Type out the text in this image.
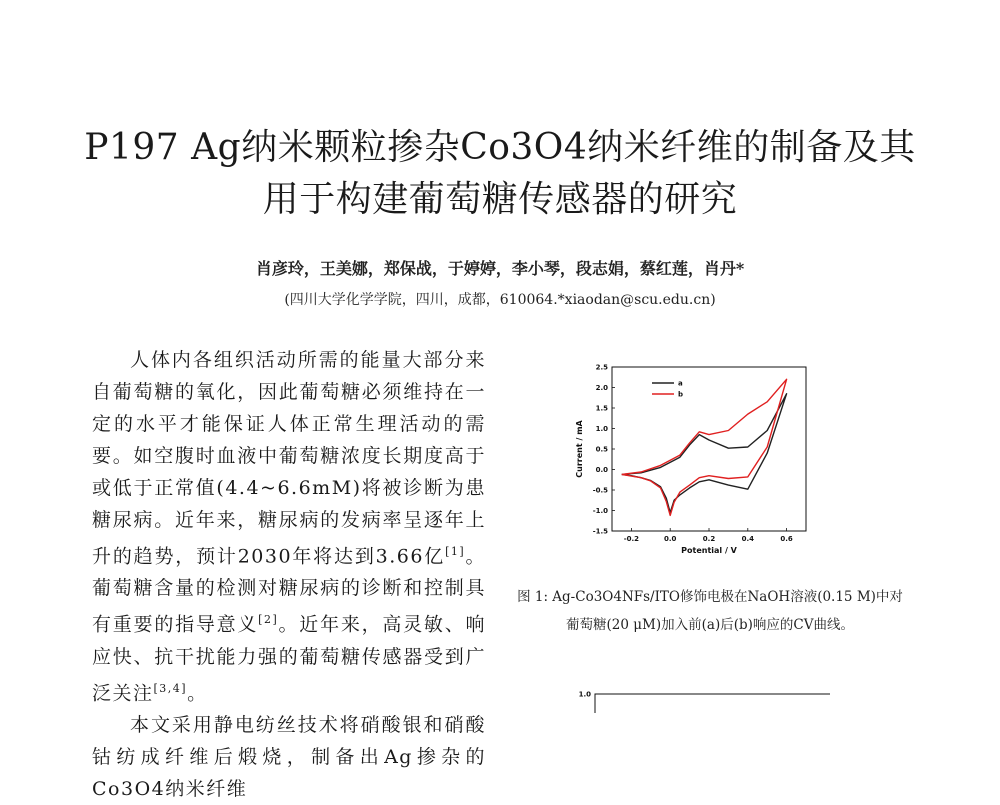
P197 Ag纳米颗粒掺杂Co3O4纳米纤维的制备及其
用于构建葡萄糖传感器的研究
肖彦玲，王美娜，郑保战，于婷婷，李小琴，段志娟，蔡红莲，肖丹*
(四川大学化学学院，四川，成都，610064.*xiaodan@scu.edu.cn)

人体内各组织活动所需的能量大部分来自葡萄糖的氧化，因此葡萄糖必须维持在一定的水平才能保证人体正常生理活动的需要。如空腹时血液中葡萄糖浓度长期度高于或低于正常值(4.4~6.6mM)将被诊断为患糖尿病。近年来，糖尿病的发病率呈逐年上升的趋势，预计2030年将达到3.66亿[1]。葡萄糖含量的检测对糖尿病的诊断和控制具有重要的指导意义[2]。近年来，高灵敏、响应快、抗干扰能力强的葡萄糖传感器受到广泛关注[3,4]。

本文采用静电纺丝技术将硝酸银和硝酸钴纺成纤维后煅烧，制备出Ag掺杂的Co3O4纳米纤维

-0.2	0.0	0.2	0.4	0.6
2.5
2.0
1.5
1.0
0.5
0.0
-0.5
-1.0
-1.5
Potential / V
Current / mA
a
b
图 1: Ag-Co3O4NFs/ITO修饰电极在NaOH溶液(0.15 M)中对
葡萄糖(20 μM)加入前(a)后(b)响应的CV曲线。
1.0
